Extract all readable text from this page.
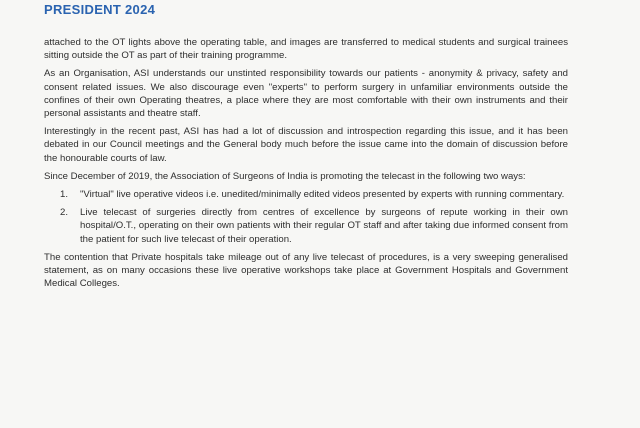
PRESIDENT 2024

attached to the OT lights above the operating table, and images are transferred to medical students and surgical trainees sitting outside the OT as part of their training programme.

As an Organisation, ASI understands our unstinted responsibility towards our patients - anonymity & privacy, safety and consent related issues. We also discourage even "experts" to perform surgery in unfamiliar environments outside the confines of their own Operating theatres, a place where they are most comfortable with their own instruments and their personal assistants and theatre staff.

Interestingly in the recent past, ASI has had a lot of discussion and introspection regarding this issue, and it has been debated in our Council meetings and the General body much before the issue came into the domain of discussion before the honourable courts of law.

Since December of 2019, the Association of Surgeons of India is promoting the telecast in the following two ways:

1. "Virtual" live operative videos i.e. unedited/minimally edited videos presented by experts with running commentary.
2. Live telecast of surgeries directly from centres of excellence by surgeons of repute working in their own hospital/O.T., operating on their own patients with their regular OT staff and after taking due informed consent from the patient for such live telecast of their operation.

The contention that Private hospitals take mileage out of any live telecast of procedures, is a very sweeping generalised statement, as on many occasions these live operative workshops take place at Government Hospitals and Government Medical Colleges.
